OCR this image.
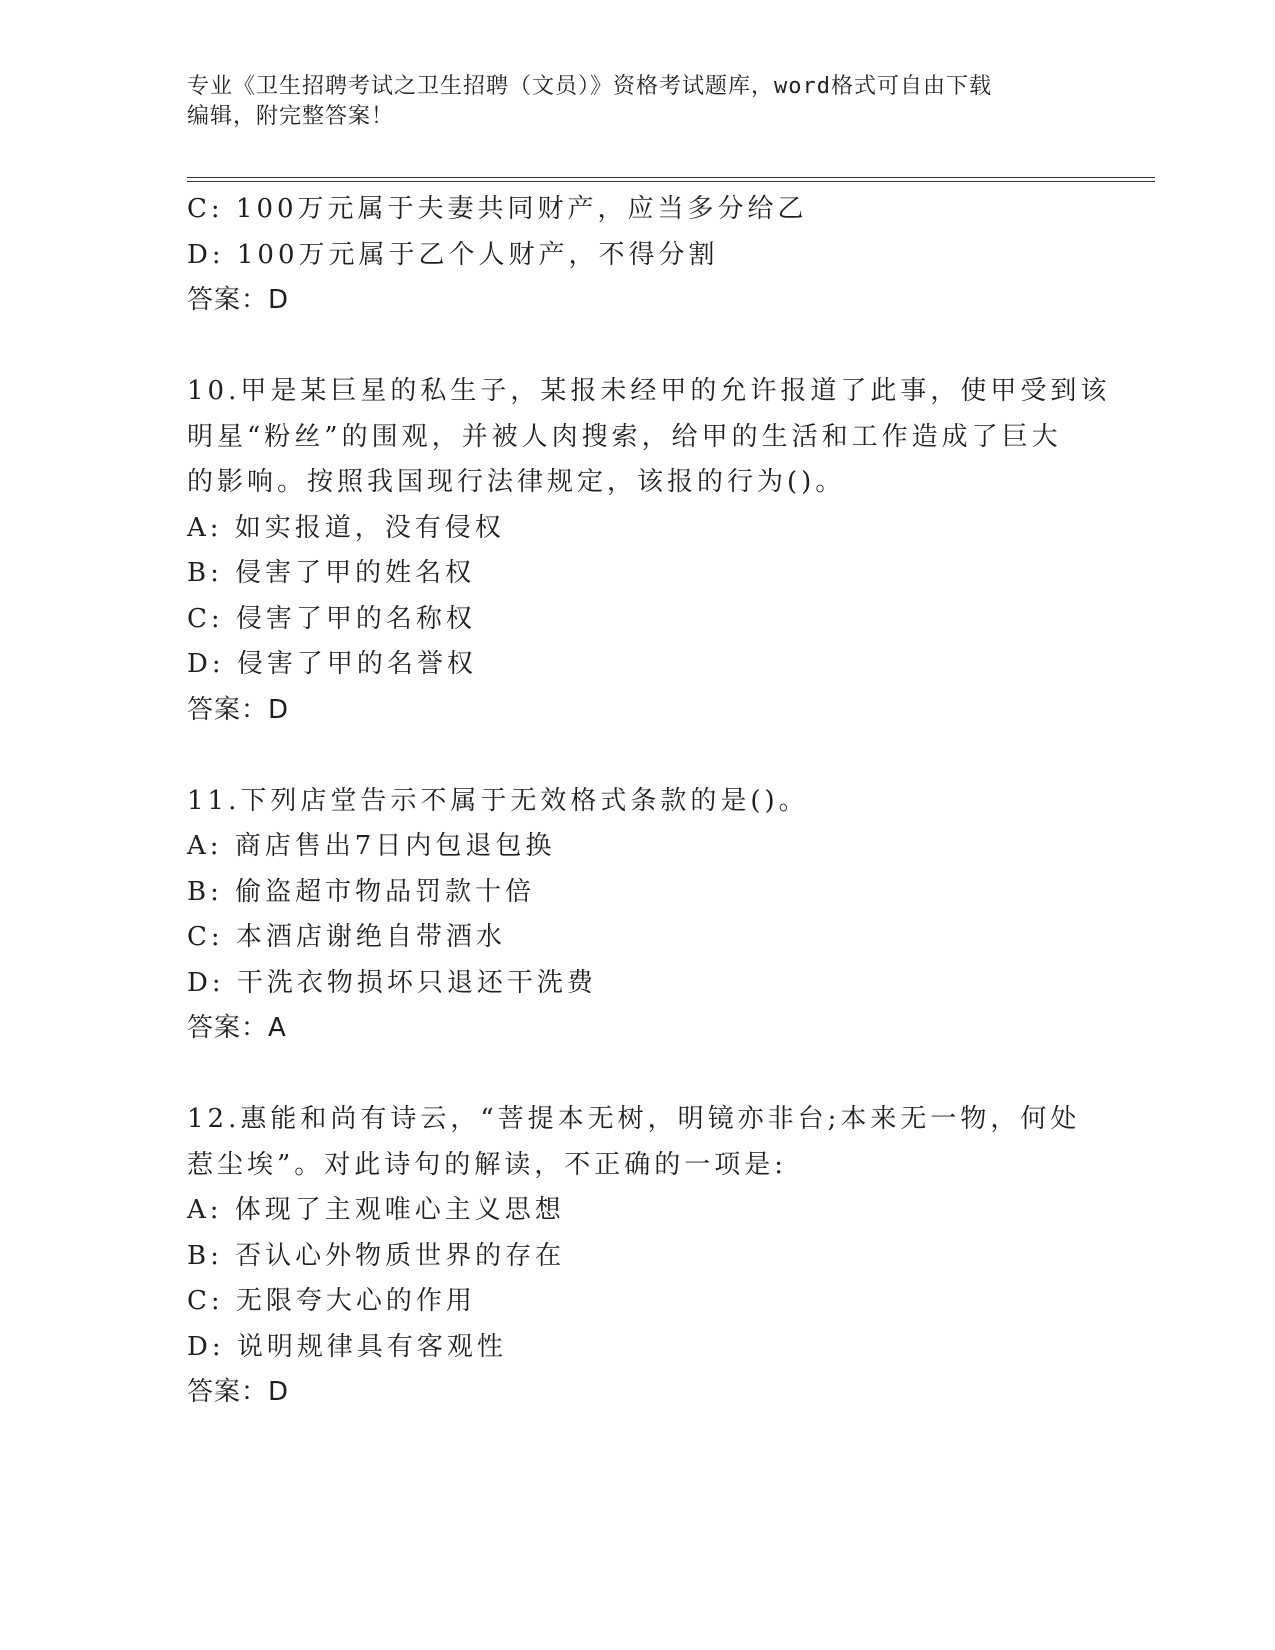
专业《卫生招聘考试之卫生招聘（文员）》资格考试题库，word格式可自由下载
编辑，附完整答案！
C: 100万元属于夫妻共同财产，应当多分给乙
D: 100万元属于乙个人财产，不得分割
答案：D
10.甲是某巨星的私生子，某报未经甲的允许报道了此事，使甲受到该
明星“粉丝”的围观，并被人肉搜索，给甲的生活和工作造成了巨大
的影响。按照我国现行法律规定，该报的行为()。
A: 如实报道，没有侵权
B: 侵害了甲的姓名权
C: 侵害了甲的名称权
D: 侵害了甲的名誉权
答案：D
11.下列店堂告示不属于无效格式条款的是()。
A: 商店售出7日内包退包换
B: 偷盗超市物品罚款十倍
C: 本酒店谢绝自带酒水
D: 干洗衣物损坏只退还干洗费
答案：A
12.惠能和尚有诗云，“菩提本无树，明镜亦非台;本来无一物，何处
惹尘埃”。对此诗句的解读，不正确的一项是:
A: 体现了主观唯心主义思想
B: 否认心外物质世界的存在
C: 无限夸大心的作用
D: 说明规律具有客观性
答案：D
